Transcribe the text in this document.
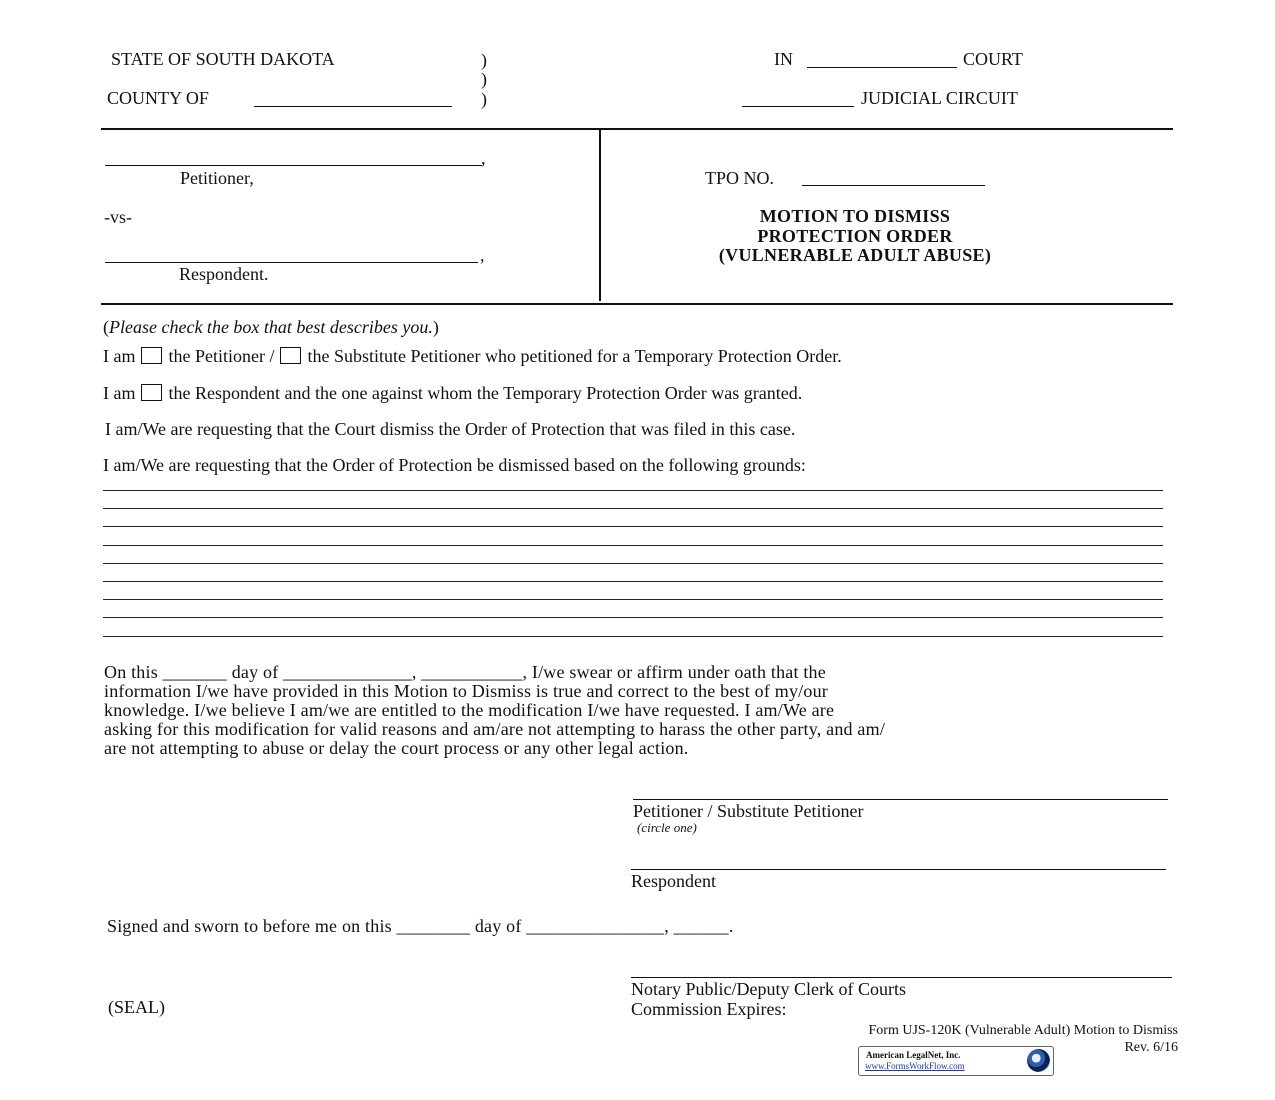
STATE OF SOUTH DAKOTA	)
)
)
COUNTY OF
IN	COURT
JUDICIAL CIRCUIT
,
Petitioner,
-vs-
,
Respondent.
TPO NO.
MOTION TO DISMISS
PROTECTION ORDER
(VULNERABLE ADULT ABUSE)
(Please check the box that best describes you.)
I am the Petitioner / the Substitute Petitioner who petitioned for a Temporary Protection Order.
I am the Respondent and the one against whom the Temporary Protection Order was granted.
I am/We are requesting that the Court dismiss the Order of Protection that was filed in this case.
I am/We are requesting that the Order of Protection be dismissed based on the following grounds:
On this _______ day of ______________, ___________, I/we swear or affirm under oath that the
information I/we have provided in this Motion to Dismiss is true and correct to the best of my/our
knowledge. I/we believe I am/we are entitled to the modification I/we have requested. I am/We are
asking for this modification for valid reasons and am/are not attempting to harass the other party, and am/
are not attempting to abuse or delay the court process or any other legal action.
Petitioner / Substitute Petitioner
(circle one)
Respondent
Signed and sworn to before me on this ________ day of _______________, ______.
Notary Public/Deputy Clerk of Courts
Commission Expires:
(SEAL)
Form UJS-120K (Vulnerable Adult) Motion to Dismiss
Rev. 6/16
American LegalNet, Inc.
www.FormsWorkFlow.com
